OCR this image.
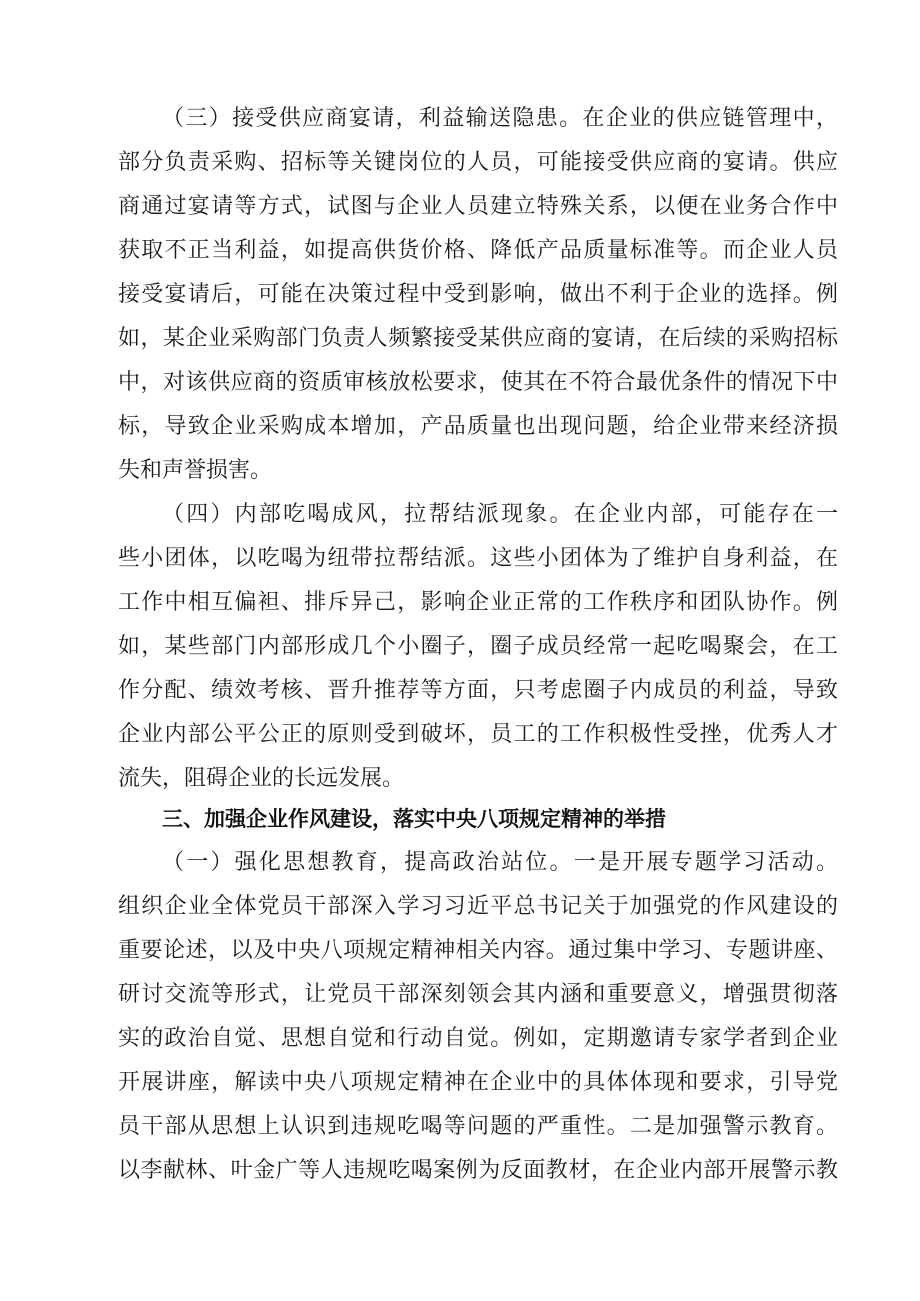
（三）接受供应商宴请，利益输送隐患。在企业的供应链管理中，
部分负责采购、招标等关键岗位的人员，可能接受供应商的宴请。供应
商通过宴请等方式，试图与企业人员建立特殊关系，以便在业务合作中
获取不正当利益，如提高供货价格、降低产品质量标准等。而企业人员
接受宴请后，可能在决策过程中受到影响，做出不利于企业的选择。例
如，某企业采购部门负责人频繁接受某供应商的宴请，在后续的采购招标
中，对该供应商的资质审核放松要求，使其在不符合最优条件的情况下中
标，导致企业采购成本增加，产品质量也出现问题，给企业带来经济损
失和声誉损害。
（四）内部吃喝成风，拉帮结派现象。在企业内部，可能存在一
些小团体，以吃喝为纽带拉帮结派。这些小团体为了维护自身利益，在
工作中相互偏袒、排斥异己，影响企业正常的工作秩序和团队协作。例
如，某些部门内部形成几个小圈子，圈子成员经常一起吃喝聚会，在工
作分配、绩效考核、晋升推荐等方面，只考虑圈子内成员的利益，导致
企业内部公平公正的原则受到破坏，员工的工作积极性受挫，优秀人才
流失，阻碍企业的长远发展。
三、加强企业作风建设，落实中央八项规定精神的举措
（一）强化思想教育，提高政治站位。一是开展专题学习活动。
组织企业全体党员干部深入学习习近平总书记关于加强党的作风建设的
重要论述，以及中央八项规定精神相关内容。通过集中学习、专题讲座、
研讨交流等形式，让党员干部深刻领会其内涵和重要意义，增强贯彻落
实的政治自觉、思想自觉和行动自觉。例如，定期邀请专家学者到企业
开展讲座，解读中央八项规定精神在企业中的具体体现和要求，引导党
员干部从思想上认识到违规吃喝等问题的严重性。二是加强警示教育。
以李献林、叶金广等人违规吃喝案例为反面教材，在企业内部开展警示教
